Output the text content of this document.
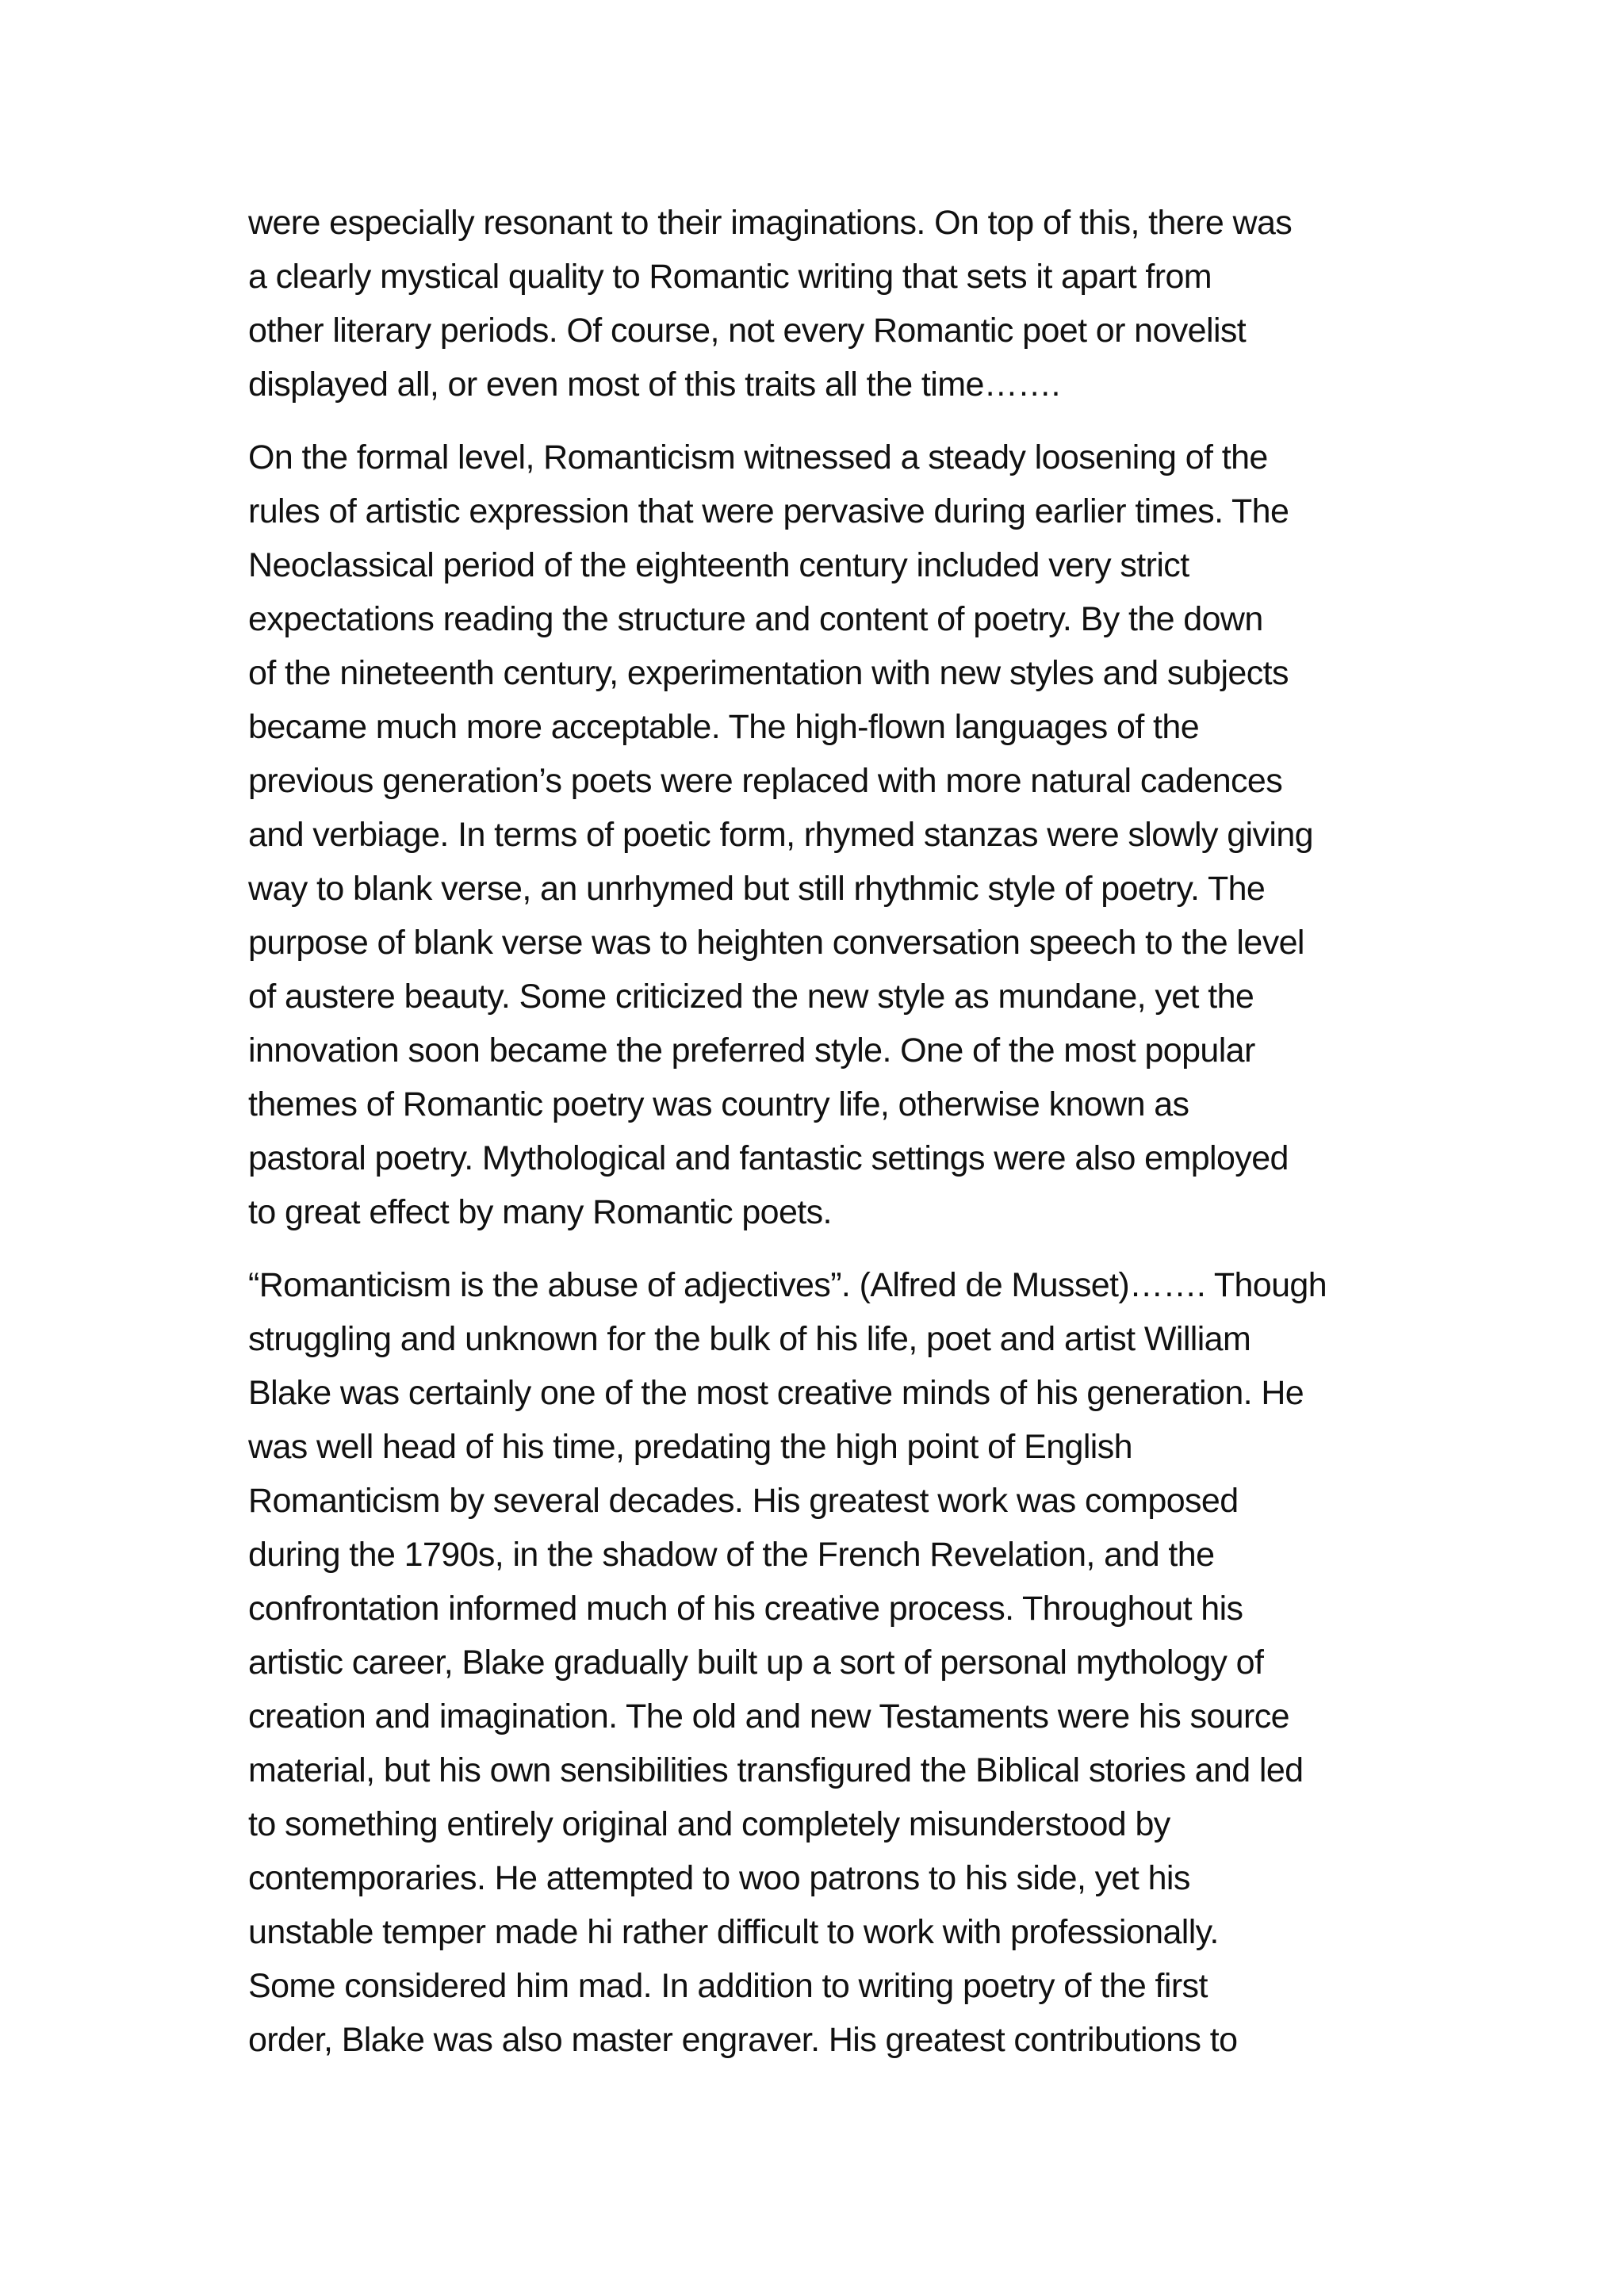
were especially resonant to their imaginations. On top of this, there was
a clearly mystical quality to Romantic writing that sets it apart from
other literary periods. Of course, not every Romantic poet or novelist
displayed all, or even most of this traits all the time…….

On the formal level, Romanticism witnessed a steady loosening of the
rules of artistic expression that were pervasive during earlier times. The
Neoclassical period of the eighteenth century included very strict
expectations reading the structure and content of poetry. By the down
of the nineteenth century, experimentation with new styles and subjects
became much more acceptable. The high-flown languages of the
previous generation’s poets were replaced with more natural cadences
and verbiage. In terms of poetic form, rhymed stanzas were slowly giving
way to blank verse, an unrhymed but still rhythmic style of poetry. The
purpose of blank verse was to heighten conversation speech to the level
of austere beauty. Some criticized the new style as mundane, yet the
innovation soon became the preferred style. One of the most popular
themes of Romantic poetry was country life, otherwise known as
pastoral poetry. Mythological and fantastic settings were also employed
to great effect by many Romantic poets.

“Romanticism is the abuse of adjectives”. (Alfred de Musset)……. Though
struggling and unknown for the bulk of his life, poet and artist William
Blake was certainly one of the most creative minds of his generation. He
was well head of his time, predating the high point of English
Romanticism by several decades. His greatest work was composed
during the 1790s, in the shadow of the French Revelation, and the
confrontation informed much of his creative process. Throughout his
artistic career, Blake gradually built up a sort of personal mythology of
creation and imagination. The old and new Testaments were his source
material, but his own sensibilities transfigured the Biblical stories and led
to something entirely original and completely misunderstood by
contemporaries. He attempted to woo patrons to his side, yet his
unstable temper made hi rather difficult to work with professionally.
Some considered him mad. In addition to writing poetry of the first
order, Blake was also master engraver. His greatest contributions to
